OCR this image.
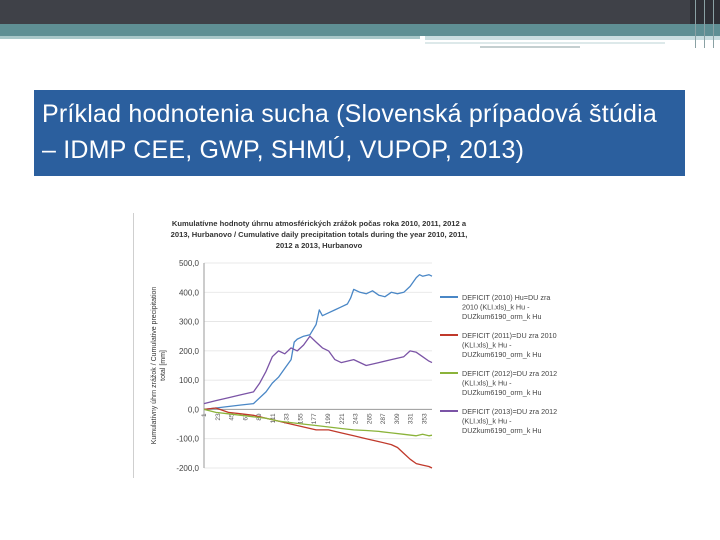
Príklad hodnotenia sucha (Slovenská prípadová štúdia – IDMP CEE, GWP, SHMÚ, VUPOP, 2013)
Kumulatívne hodnoty úhrnu atmosférických zrážok počas roka 2010, 2011, 2012 a
2013, Hurbanovo / Cumulative daily precipitation totals during the year 2010, 2011,
2012 a 2013, Hurbanovo
Kumulatívny úhrn zrážok / Cumulative precipitation total [mm]
500,0
400,0
300,0
200,0
100,0
0,0
-100,0
-200,0
1 23 45 67 89 111 133 155 177 199 221 243 265 287 309 331 353
DEFICIT (2010) Hu=DU zra
2010 (KLI.xls)_k Hu -
DUZkum6190_orm_k Hu
DEFICIT (2011)=DU zra 2010
(KLI.xls)_k Hu -
DUZkum6190_orm_k Hu
DEFICIT (2012)=DU zra 2012
(KLI.xls)_k Hu -
DUZkum6190_orm_k Hu
DEFICIT (2013)=DU zra 2012
(KLI.xls)_k Hu -
DUZkum6190_orm_k Hu
